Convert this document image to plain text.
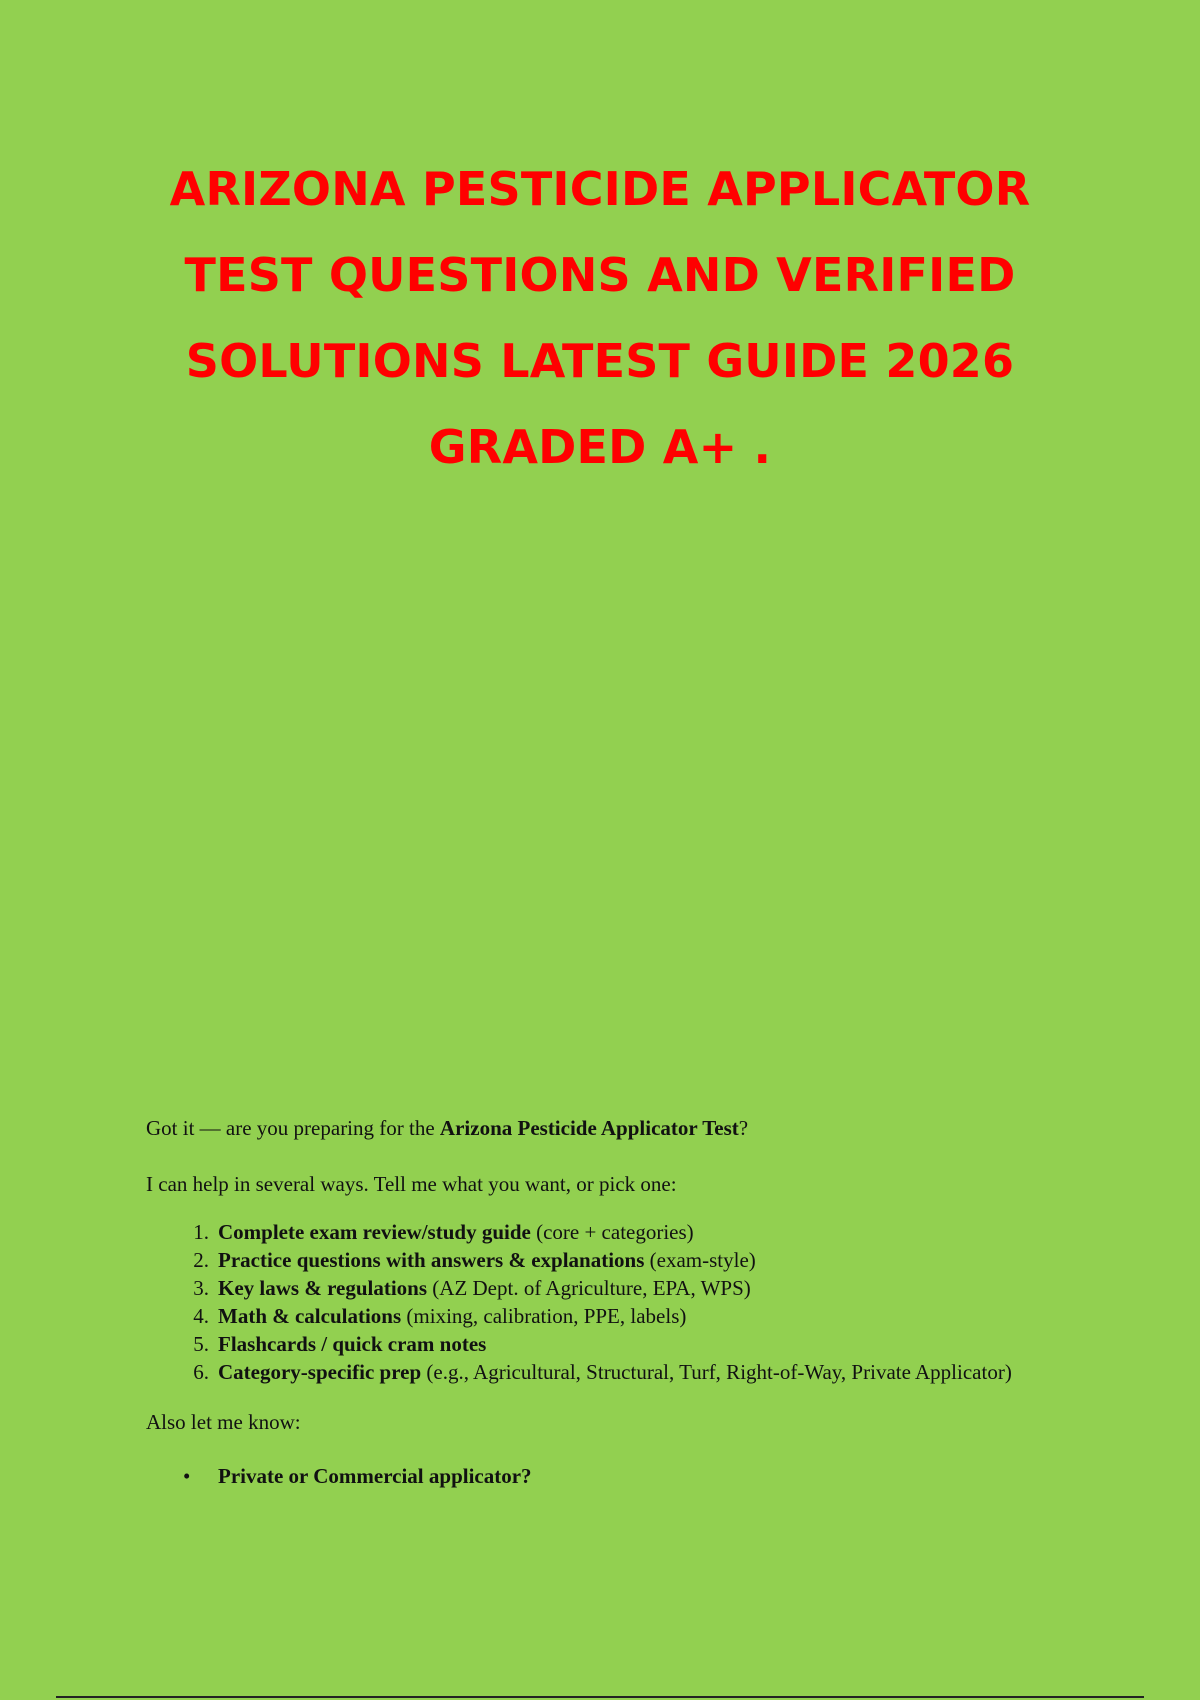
ARIZONA PESTICIDE APPLICATOR
TEST QUESTIONS AND VERIFIED
SOLUTIONS LATEST GUIDE 2026
GRADED A+ .

Got it — are you preparing for the Arizona Pesticide Applicator Test?

I can help in several ways. Tell me what you want, or pick one:

Complete exam review/study guide (core + categories)
Practice questions with answers & explanations (exam-style)
Key laws & regulations (AZ Dept. of Agriculture, EPA, WPS)
Math & calculations (mixing, calibration, PPE, labels)
Flashcards / quick cram notes
Category-specific prep (e.g., Agricultural, Structural, Turf, Right-of-Way, Private Applicator)

Also let me know:

• Private or Commercial applicator?
